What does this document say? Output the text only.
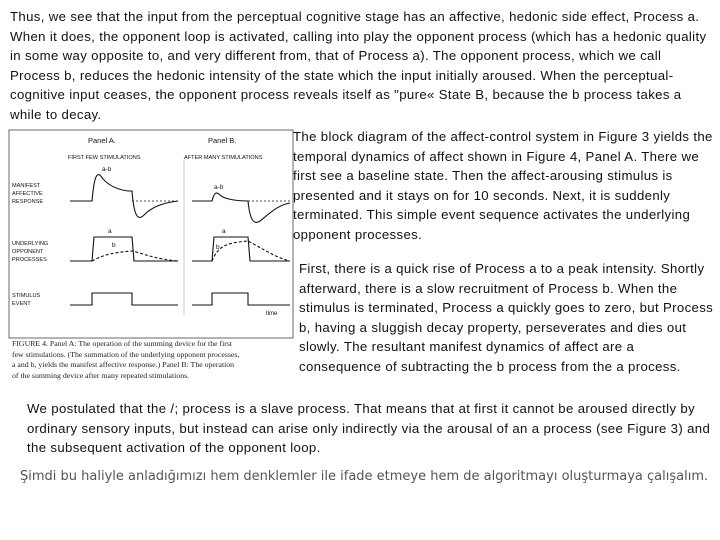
Thus, we see that the input from the perceptual cognitive stage has an affective, hedonic side effect, Process a. When it does, the opponent loop is activated, calling into play the opponent process (which has a hedonic quality in some way opposite to, and very different from, that of Process a). The opponent process, which we call Process b, reduces the hedonic intensity of the state which the input initially aroused. When the perceptual-cognitive input ceases, the opponent process reveals itself as "pure« State B, because the b process takes a while to decay.
Panel A.	Panel B.
FIRST FEW STIMULATIONS	AFTER MANY STIMULATIONS
MANIFEST
AFFECTIVE
RESPONSE
UNDERLYING
OPPONENT
PROCESSES
STIMULUS
EVENT
a-b
a-b
a	a
b	b
time
FIGURE 4. Panel A: The operation of the summing device for the first
few stimulations. (The summation of the underlying opponent processes,
a and b, yields the manifest affective response.) Panel B: The operation
of the summing device after many repeated stimulations.
The block diagram of the affect-control system in Figure 3 yields the temporal dynamics of affect shown in Figure 4, Panel A. There we first see a baseline state. Then the affect-arousing stimulus is presented and it stays on for 10 seconds. Next, it is suddenly terminated. This simple event sequence activates the underlying opponent processes.
First, there is a quick rise of Process a to a peak intensity. Shortly afterward, there is a slow recruitment of Process b. When the stimulus is terminated, Process a quickly goes to zero, but Process b, having a sluggish decay property, perseverates and dies out slowly. The resultant manifest dynamics of affect are a consequence of subtracting the b process from the a process.
We postulated that the /; process is a slave process. That means that at first it cannot be aroused directly by ordinary sensory inputs, but instead can arise only indirectly via the arousal of an a process (see Figure 3) and the subsequent activation of the opponent loop.
Şimdi bu haliyle anladığımızı hem denklemler ile ifade etmeye hem de algoritmayı oluşturmaya çalışalım.
